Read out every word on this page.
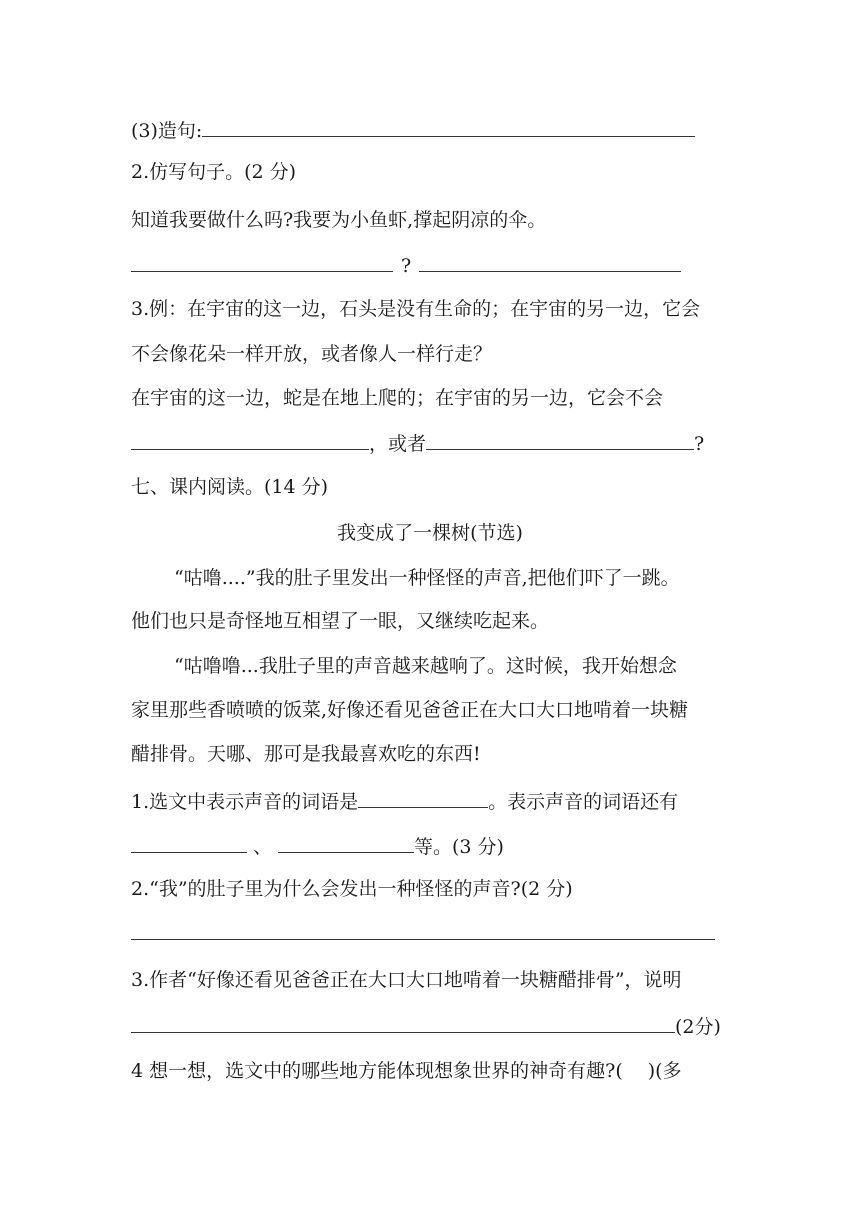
(3)造句:
2.仿写句子。(2 分)
知道我要做什么吗?我要为小鱼虾,撑起阴凉的伞。
?
3.例：在宇宙的这一边，石头是没有生命的；在宇宙的另一边，它会
不会像花朵一样开放，或者像人一样行走？
在宇宙的这一边，蛇是在地上爬的；在宇宙的另一边，它会不会
，或者	?
七、课内阅读。(14 分)
我变成了一棵树(节选)
“咕噜....”我的肚子里发出一种怪怪的声音,把他们吓了一跳。
他们也只是奇怪地互相望了一眼，又继续吃起来。
“咕噜噜...我肚子里的声音越来越响了。这时候，我开始想念
家里那些香喷喷的饭菜,好像还看见爸爸正在大口大口地啃着一块糖
醋排骨。天哪、那可是我最喜欢吃的东西!
1.选文中表示声音的词语是	。表示声音的词语还有
、	等。(3 分)
2.“我”的肚子里为什么会发出一种怪怪的声音?(2 分)
3.作者“好像还看见爸爸正在大口大口地啃着一块糖醋排骨”，说明
(2分)
4 想一想，选文中的哪些地方能体现想象世界的神奇有趣?(　 )(多
